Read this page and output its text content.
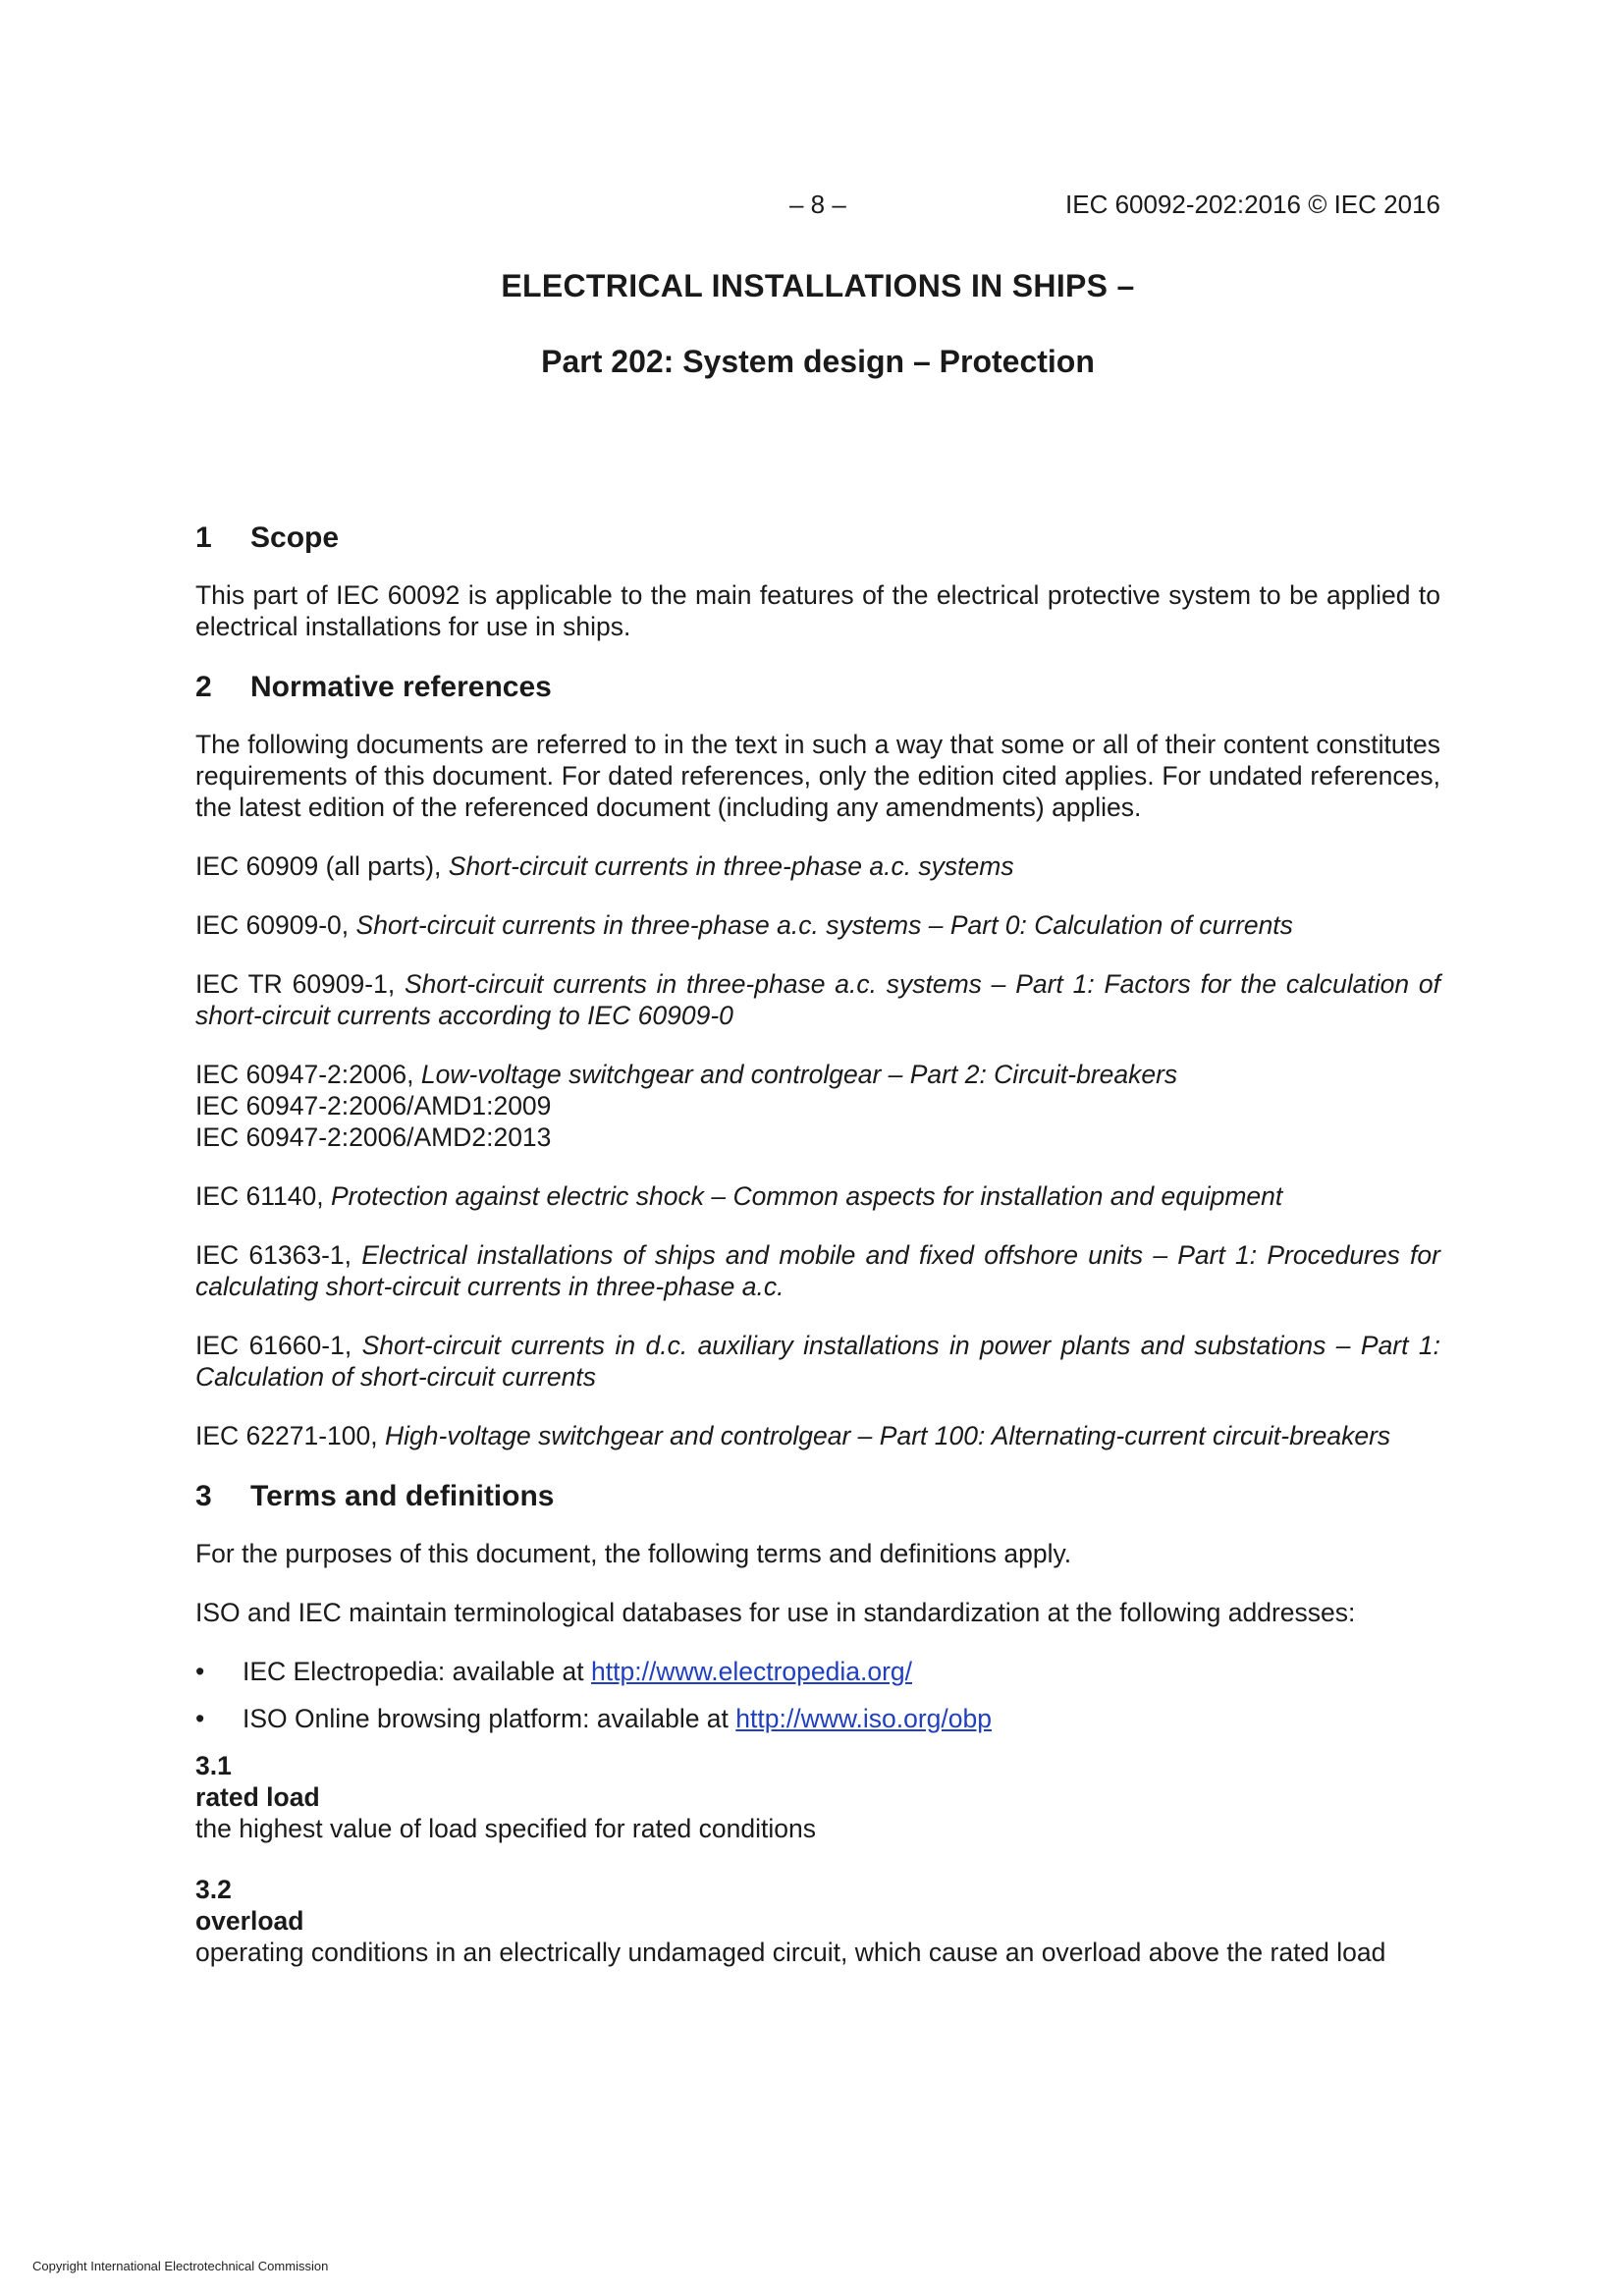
– 8 –	IEC 60092-202:2016 © IEC 2016
ELECTRICAL INSTALLATIONS IN SHIPS –
Part 202: System design – Protection
1 Scope

This part of IEC 60092 is applicable to the main features of the electrical protective system to be applied to electrical installations for use in ships.

2 Normative references

The following documents are referred to in the text in such a way that some or all of their content constitutes requirements of this document. For dated references, only the edition cited applies. For undated references, the latest edition of the referenced document (including any amendments) applies.

IEC 60909 (all parts), Short-circuit currents in three-phase a.c. systems
IEC 60909-0, Short-circuit currents in three-phase a.c. systems – Part 0: Calculation of currents
IEC TR 60909-1, Short-circuit currents in three-phase a.c. systems – Part 1: Factors for the calculation of short-circuit currents according to IEC 60909-0
IEC 60947-2:2006, Low-voltage switchgear and controlgear – Part 2: Circuit-breakers
IEC 60947-2:2006/AMD1:2009
IEC 60947-2:2006/AMD2:2013
IEC 61140, Protection against electric shock – Common aspects for installation and equipment
IEC 61363-1, Electrical installations of ships and mobile and fixed offshore units – Part 1: Procedures for calculating short-circuit currents in three-phase a.c.
IEC 61660-1, Short-circuit currents in d.c. auxiliary installations in power plants and substations – Part 1: Calculation of short-circuit currents
IEC 62271-100, High-voltage switchgear and controlgear – Part 100: Alternating-current circuit-breakers
3 Terms and definitions

For the purposes of this document, the following terms and definitions apply.

ISO and IEC maintain terminological databases for use in standardization at the following addresses:

• IEC Electropedia: available at http://www.electropedia.org/
• ISO Online browsing platform: available at http://www.iso.org/obp
3.1
rated load
the highest value of load specified for rated conditions
3.2
overload
operating conditions in an electrically undamaged circuit, which cause an overload above the rated load
Copyright International Electrotechnical Commission
